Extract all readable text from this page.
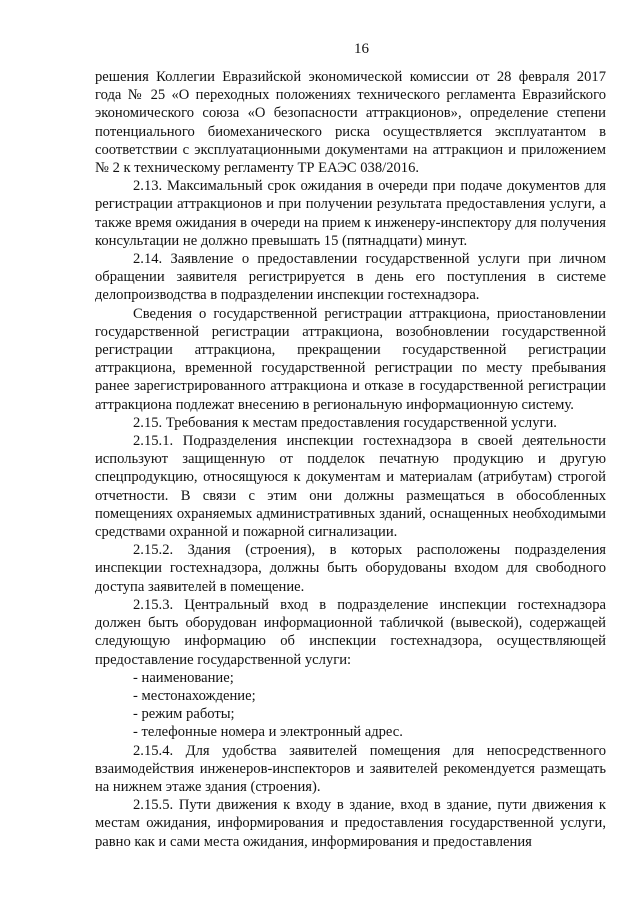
16

решения Коллегии Евразийской экономической комиссии от 28 февраля 2017 года № 25 «О переходных положениях технического регламента Евразийского экономического союза «О безопасности аттракционов», определение степени потенциального биомеханического риска осуществляется эксплуатантом в соответствии с эксплуатационными документами на аттракцион и приложением № 2 к техническому регламенту ТР ЕАЭС 038/2016.

2.13. Максимальный срок ожидания в очереди при подаче документов для регистрации аттракционов и при получении результата предоставления услуги, а также время ожидания в очереди на прием к инженеру-инспектору для получения консультации не должно превышать 15 (пятнадцати) минут.

2.14. Заявление о предоставлении государственной услуги при личном обращении заявителя регистрируется в день его поступления в системе делопроизводства в подразделении инспекции гостехнадзора.

Сведения о государственной регистрации аттракциона, приостановлении государственной регистрации аттракциона, возобновлении государственной регистрации аттракциона, прекращении государственной регистрации аттракциона, временной государственной регистрации по месту пребывания ранее зарегистрированного аттракциона и отказе в государственной регистрации аттракциона подлежат внесению в региональную информационную систему.

2.15. Требования к местам предоставления государственной услуги.

2.15.1. Подразделения инспекции гостехнадзора в своей деятельности используют защищенную от подделок печатную продукцию и другую спецпродукцию, относящуюся к документам и материалам (атрибутам) строгой отчетности. В связи с этим они должны размещаться в обособленных помещениях охраняемых административных зданий, оснащенных необходимыми средствами охранной и пожарной сигнализации.

2.15.2. Здания (строения), в которых расположены подразделения инспекции гостехнадзора, должны быть оборудованы входом для свободного доступа заявителей в помещение.

2.15.3. Центральный вход в подразделение инспекции гостехнадзора должен быть оборудован информационной табличкой (вывеской), содержащей следующую информацию об инспекции гостехнадзора, осуществляющей предоставление государственной услуги:

- наименование;

- местонахождение;

- режим работы;

- телефонные номера и электронный адрес.

2.15.4. Для удобства заявителей помещения для непосредственного взаимодействия инженеров-инспекторов и заявителей рекомендуется размещать на нижнем этаже здания (строения).

2.15.5. Пути движения к входу в здание, вход в здание, пути движения к местам ожидания, информирования и предоставления государственной услуги, равно как и сами места ожидания, информирования и предоставления
